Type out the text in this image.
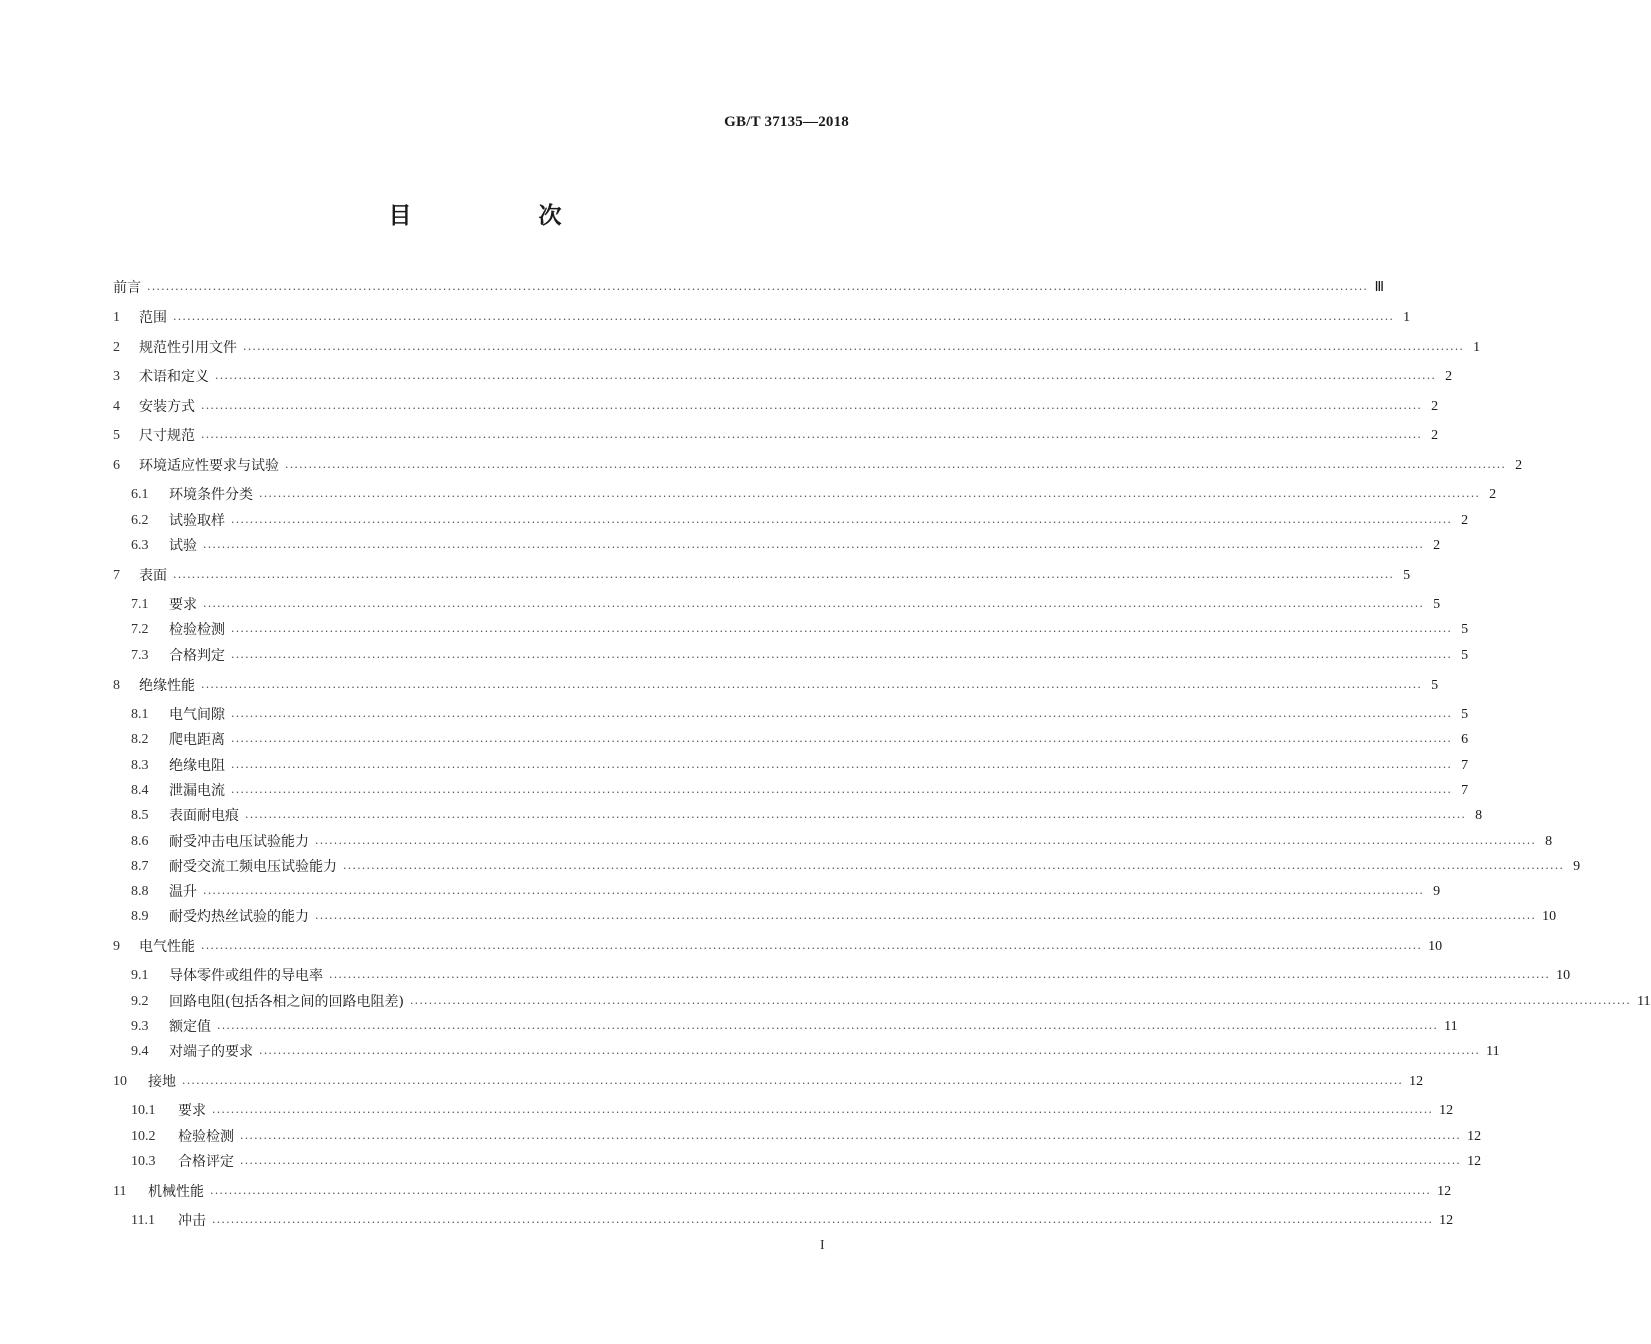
GB/T 37135—2018
目　次
前言 ···································································································································································································································································· Ⅲ
1	范围 ···································································································································································································································································· 1
2	规范性引用文件 ···································································································································································································································································· 1
3	术语和定义 ···································································································································································································································································· 2
4	安装方式 ···································································································································································································································································· 2
5	尺寸规范 ···································································································································································································································································· 2
6	环境适应性要求与试验 ···································································································································································································································································· 2
6.1	环境条件分类 ···································································································································································································································································· 2
6.2	试验取样 ···································································································································································································································································· 2
6.3	试验 ···································································································································································································································································· 2
7	表面 ···································································································································································································································································· 5
7.1	要求 ···································································································································································································································································· 5
7.2	检验检测 ···································································································································································································································································· 5
7.3	合格判定 ···································································································································································································································································· 5
8	绝缘性能 ···································································································································································································································································· 5
8.1	电气间隙 ···································································································································································································································································· 5
8.2	爬电距离 ···································································································································································································································································· 6
8.3	绝缘电阻 ···································································································································································································································································· 7
8.4	泄漏电流 ···································································································································································································································································· 7
8.5	表面耐电痕 ···································································································································································································································································· 8
8.6	耐受冲击电压试验能力 ···································································································································································································································································· 8
8.7	耐受交流工频电压试验能力 ···································································································································································································································································· 9
8.8	温升 ···································································································································································································································································· 9
8.9	耐受灼热丝试验的能力 ···································································································································································································································································· 10
9	电气性能 ···································································································································································································································································· 10
9.1	导体零件或组件的导电率 ···································································································································································································································································· 10
9.2	回路电阻(包括各相之间的回路电阻差) ···································································································································································································································································· 11
9.3	额定值 ···································································································································································································································································· 11
9.4	对端子的要求 ···································································································································································································································································· 11
10	接地 ···································································································································································································································································· 12
10.1	要求 ···································································································································································································································································· 12
10.2	检验检测 ···································································································································································································································································· 12
10.3	合格评定 ···································································································································································································································································· 12
11	机械性能 ···································································································································································································································································· 12
11.1	冲击 ···································································································································································································································································· 12
I
